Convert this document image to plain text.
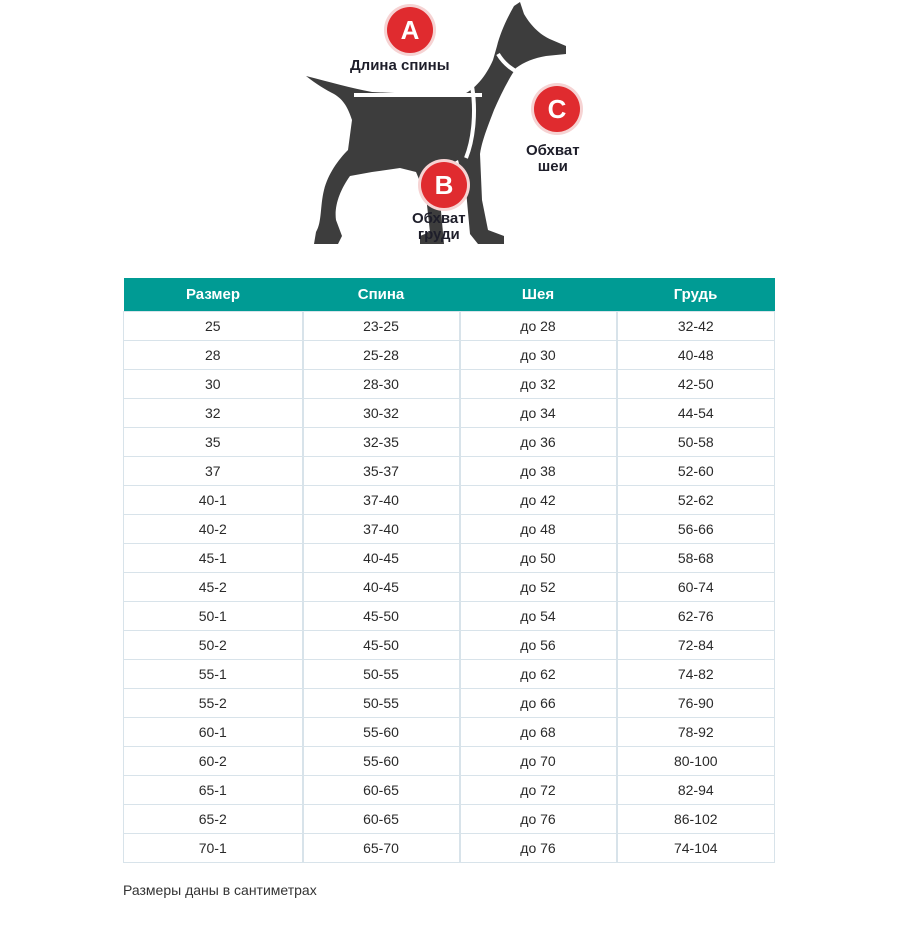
A
Длина спины
B
Обхват
груди
C
Обхват
шеи
Размер	Спина	Шея	Грудь
25	23-25	до 28	32-42
28	25-28	до 30	40-48
30	28-30	до 32	42-50
32	30-32	до 34	44-54
35	32-35	до 36	50-58
37	35-37	до 38	52-60
40-1	37-40	до 42	52-62
40-2	37-40	до 48	56-66
45-1	40-45	до 50	58-68
45-2	40-45	до 52	60-74
50-1	45-50	до 54	62-76
50-2	45-50	до 56	72-84
55-1	50-55	до 62	74-82
55-2	50-55	до 66	76-90
60-1	55-60	до 68	78-92
60-2	55-60	до 70	80-100
65-1	60-65	до 72	82-94
65-2	60-65	до 76	86-102
70-1	65-70	до 76	74-104
Размеры даны в сантиметрах
